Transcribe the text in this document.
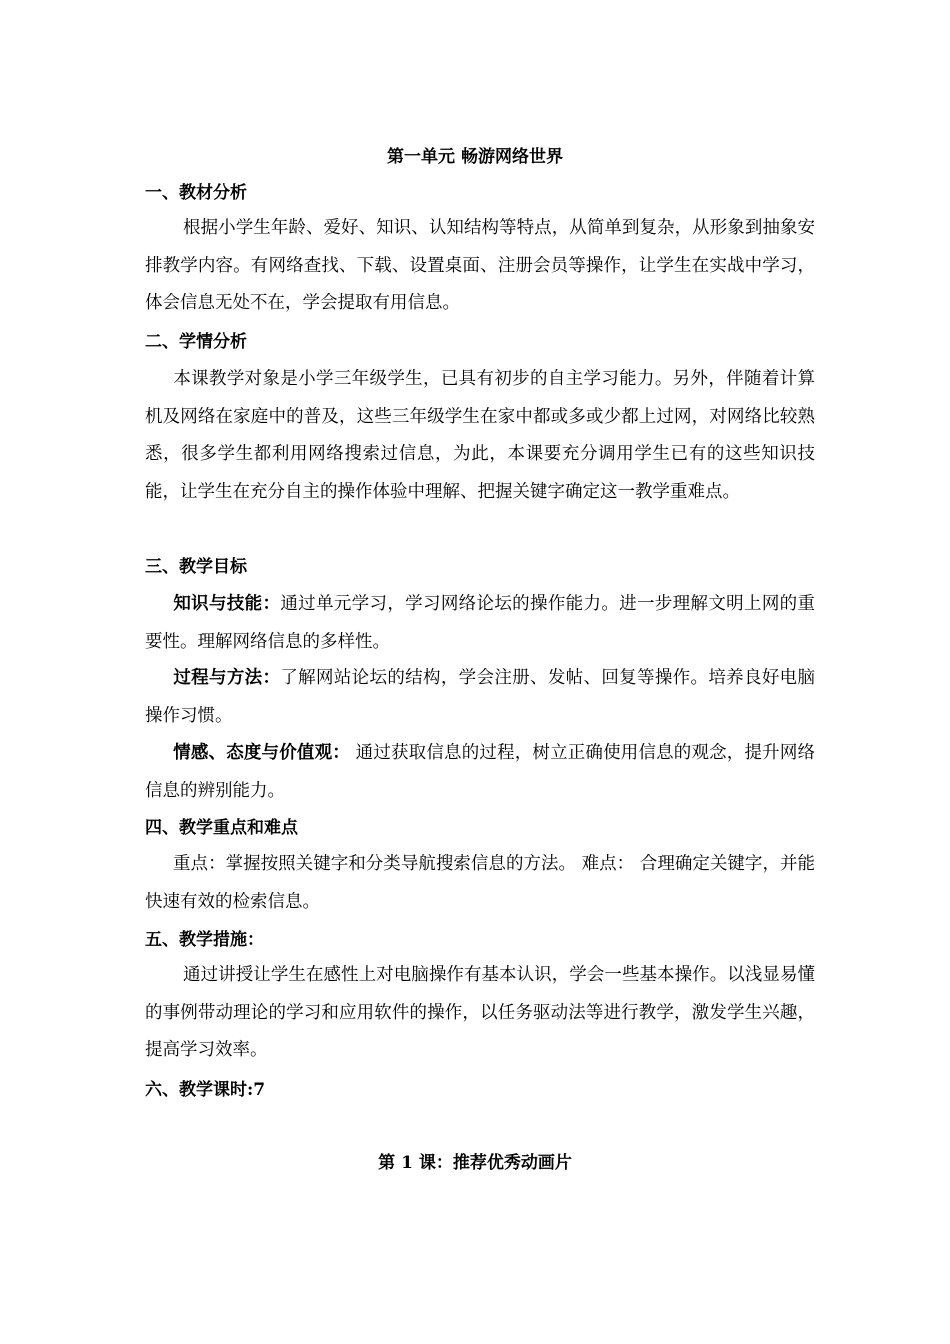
第一单元 畅游网络世界
一、教材分析
根据小学生年龄、爱好、知识、认知结构等特点，从简单到复杂，从形象到抽象安排教学内容。有网络查找、下载、设置桌面、注册会员等操作，让学生在实战中学习，体会信息无处不在，学会提取有用信息。
二、学情分析
本课教学对象是小学三年级学生，已具有初步的自主学习能力。另外，伴随着计算机及网络在家庭中的普及，这些三年级学生在家中都或多或少都上过网，对网络比较熟悉，很多学生都利用网络搜索过信息，为此，本课要充分调用学生已有的这些知识技能，让学生在充分自主的操作体验中理解、把握关键字确定这一教学重难点。
三、教学目标
知识与技能：通过单元学习，学习网络论坛的操作能力。进一步理解文明上网的重要性。理解网络信息的多样性。
过程与方法：了解网站论坛的结构，学会注册、发帖、回复等操作。培养良好电脑操作习惯。
情感、态度与价值观： 通过获取信息的过程，树立正确使用信息的观念，提升网络信息的辨别能力。
四、教学重点和难点
重点：掌握按照关键字和分类导航搜索信息的方法。 难点： 合理确定关键字，并能快速有效的检索信息。
五、教学措施：
通过讲授让学生在感性上对电脑操作有基本认识，学会一些基本操作。以浅显易懂的事例带动理论的学习和应用软件的操作，以任务驱动法等进行教学，激发学生兴趣，提高学习效率。
六、教学课时:7
第 1 课：推荐优秀动画片
